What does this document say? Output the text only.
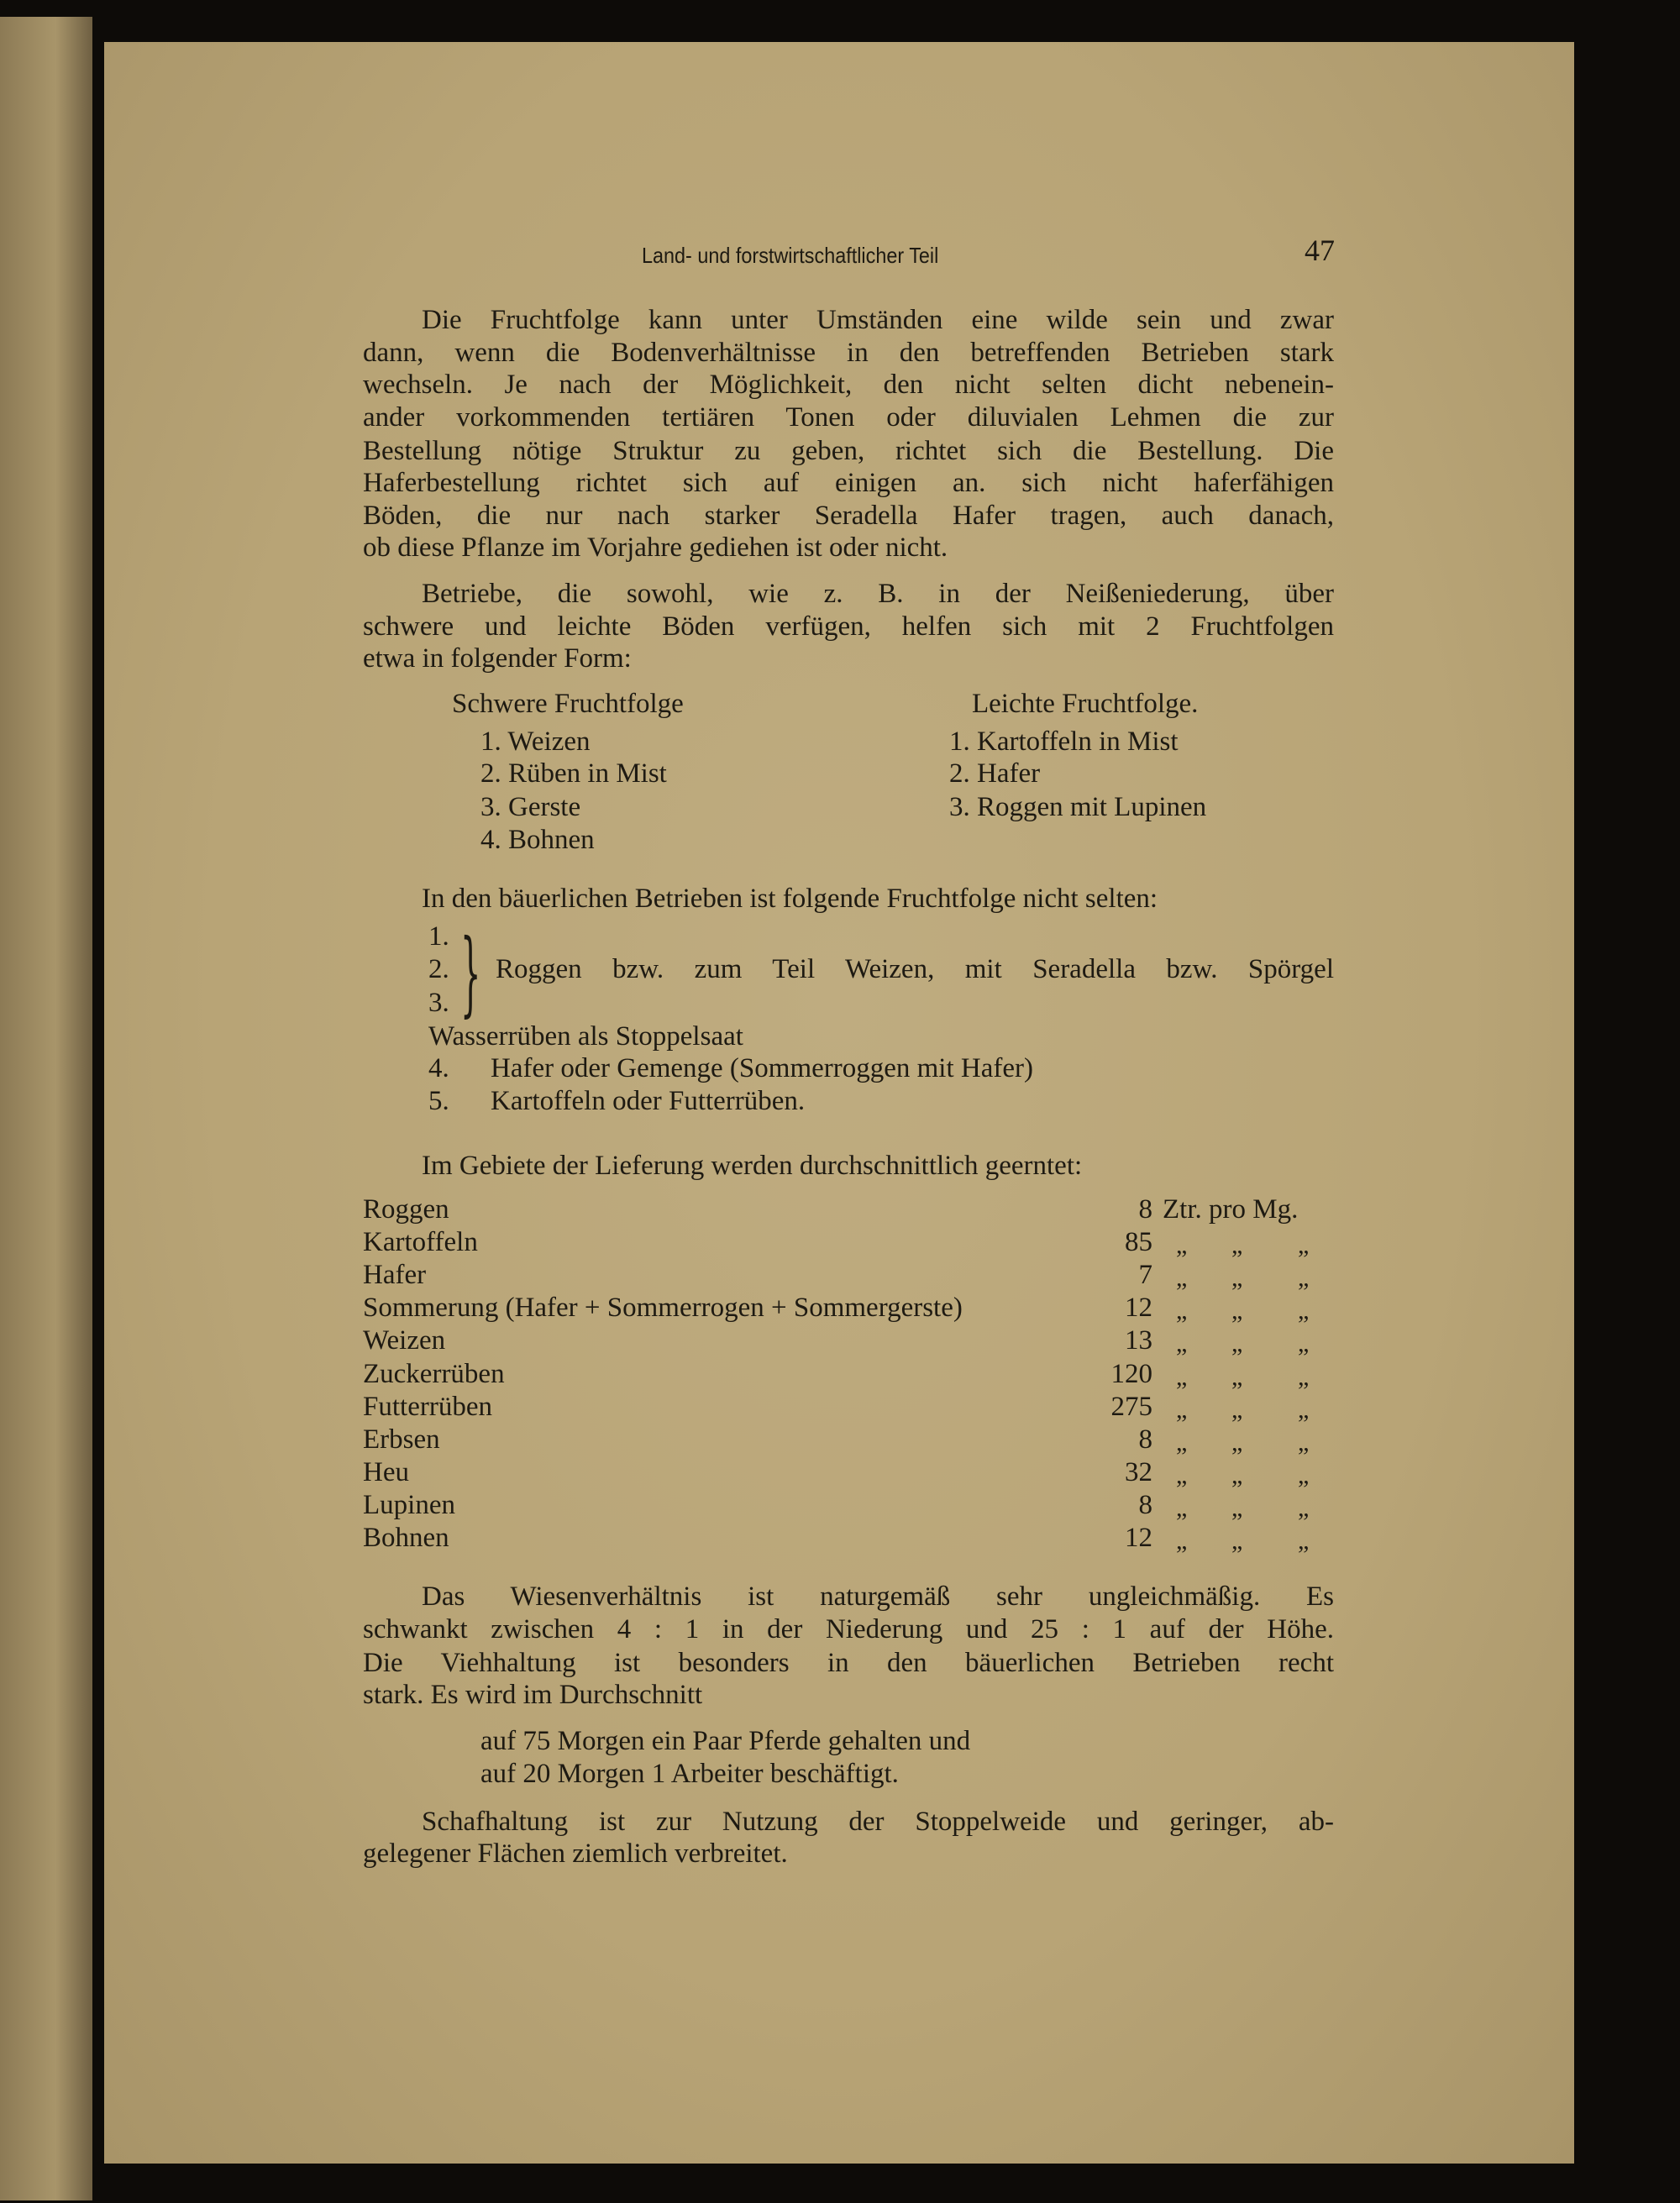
Land- und forstwirtschaftlicher Teil	47
Die Fruchtfolge kann unter Umständen eine wilde sein und zwar
dann, wenn die Bodenverhältnisse in den betreffenden Betrieben stark
wechseln. Je nach der Möglichkeit, den nicht selten dicht nebenein-
ander vorkommenden tertiären Tonen oder diluvialen Lehmen die zur
Bestellung nötige Struktur zu geben, richtet sich die Bestellung. Die
Haferbestellung richtet sich auf einigen an. sich nicht haferfähigen
Böden, die nur nach starker Seradella Hafer tragen, auch danach,
ob diese Pflanze im Vorjahre gediehen ist oder nicht.
Betriebe, die sowohl, wie z. B. in der Neißeniederung, über
schwere und leichte Böden verfügen, helfen sich mit 2 Fruchtfolgen
etwa in folgender Form:
Schwere Fruchtfolge
1. Weizen
2. Rüben in Mist
3. Gerste
4. Bohnen
Leichte Fruchtfolge.
1. Kartoffeln in Mist
2. Hafer
3. Roggen mit Lupinen
In den bäuerlichen Betrieben ist folgende Fruchtfolge nicht selten:
1.
2.
3. } Roggen bzw. zum Teil Weizen, mit Seradella bzw. Spörgel
Wasserrüben als Stoppelsaat
4. Hafer oder Gemenge (Sommerroggen mit Hafer)
5. Kartoffeln oder Futterrüben.
Im Gebiete der Lieferung werden durchschnittlich geerntet:
Roggen	8 Ztr. pro Mg.
Kartoffeln	85 „ „ „
Hafer	7 „ „ „
Sommerung (Hafer + Sommerrogen + Sommergerste)	12 „ „ „
Weizen	13 „ „ „
Zuckerrüben	120 „ „ „
Futterrüben	275 „ „ „
Erbsen	8 „ „ „
Heu	32 „ „ „
Lupinen	8 „ „ „
Bohnen	12 „ „ „
Das Wiesenverhältnis ist naturgemäß sehr ungleichmäßig. Es
schwankt zwischen 4 : 1 in der Niederung und 25 : 1 auf der Höhe.
Die Viehhaltung ist besonders in den bäuerlichen Betrieben recht
stark. Es wird im Durchschnitt
auf 75 Morgen ein Paar Pferde gehalten und
auf 20 Morgen 1 Arbeiter beschäftigt.
Schafhaltung ist zur Nutzung der Stoppelweide und geringer, ab-
gelegener Flächen ziemlich verbreitet.
